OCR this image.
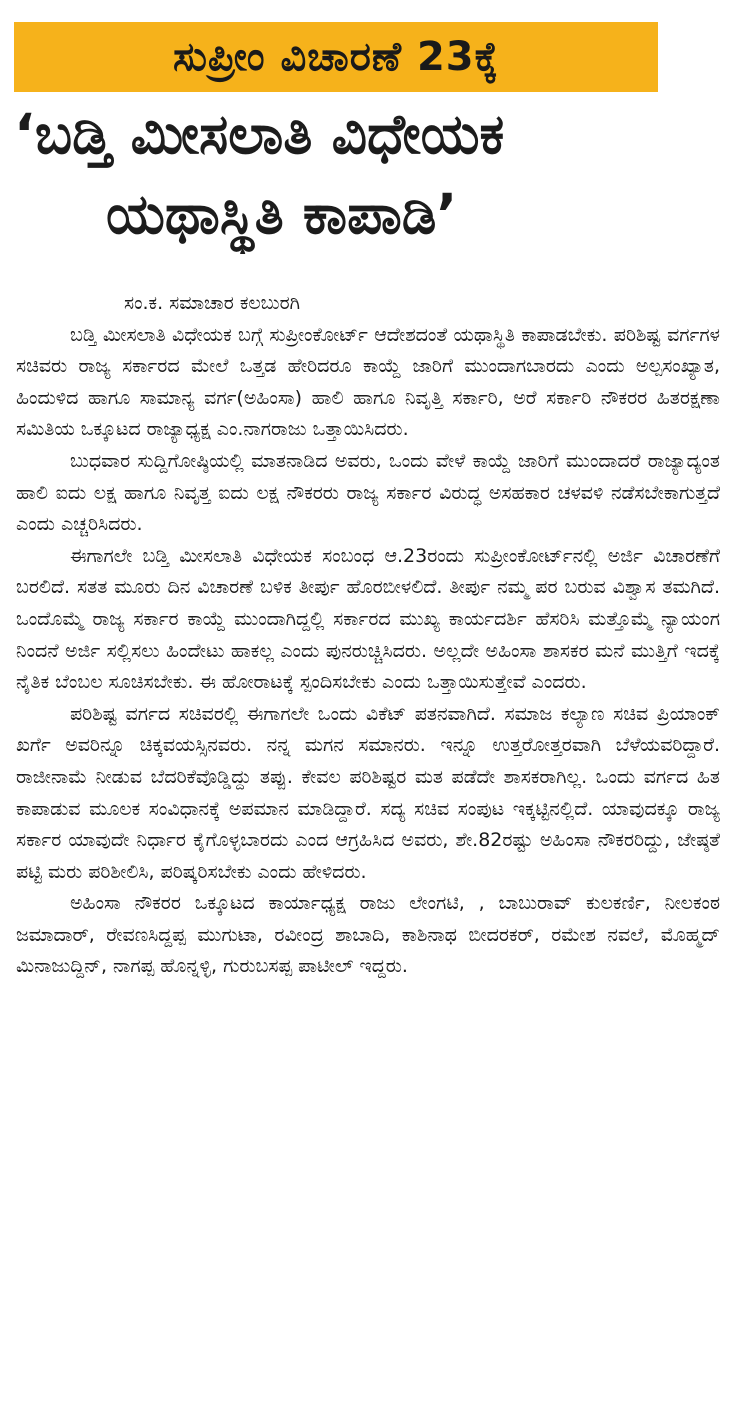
ಸುಪ್ರೀಂ ವಿಚಾರಣೆ 23ಕ್ಕೆ
‘ಬಡ್ತಿ ಮೀಸಲಾತಿ ವಿಧೇಯಕ
ಯಥಾಸ್ಥಿತಿ ಕಾಪಾಡಿ’

ಸಂ.ಕ. ಸಮಾಚಾರ ಕಲಬುರಗಿ

ಬಡ್ತಿ ಮೀಸಲಾತಿ ವಿಧೇಯಕ ಬಗ್ಗೆ ಸುಪ್ರೀಂಕೋರ್ಟ್ ಆದೇಶದಂತೆ ಯಥಾಸ್ಥಿತಿ ಕಾಪಾಡಬೇಕು. ಪರಿಶಿಷ್ಟ ವರ್ಗಗಳ ಸಚಿವರು ರಾಜ್ಯ ಸರ್ಕಾರದ ಮೇಲೆ ಒತ್ತಡ ಹೇರಿದರೂ ಕಾಯ್ದೆ ಜಾರಿಗೆ ಮುಂದಾಗಬಾರದು ಎಂದು ಅಲ್ಪಸಂಖ್ಯಾತ, ಹಿಂದುಳಿದ ಹಾಗೂ ಸಾಮಾನ್ಯ ವರ್ಗ(ಅಹಿಂಸಾ) ಹಾಲಿ ಹಾಗೂ ನಿವೃತ್ತಿ ಸರ್ಕಾರಿ, ಅರೆ ಸರ್ಕಾರಿ ನೌಕರರ ಹಿತರಕ್ಷಣಾ ಸಮಿತಿಯ ಒಕ್ಕೂಟದ ರಾಜ್ಯಾಧ್ಯಕ್ಷ ಎಂ.ನಾಗರಾಜು ಒತ್ತಾಯಿಸಿದರು.

ಬುಧವಾರ ಸುದ್ದಿಗೋಷ್ಠಿಯಲ್ಲಿ ಮಾತನಾಡಿದ ಅವರು, ಒಂದು ವೇಳೆ ಕಾಯ್ದೆ ಜಾರಿಗೆ ಮುಂದಾದರೆ ರಾಜ್ಯಾದ್ಯಂತ ಹಾಲಿ ಐದು ಲಕ್ಷ ಹಾಗೂ ನಿವೃತ್ತ ಐದು ಲಕ್ಷ ನೌಕರರು ರಾಜ್ಯ ಸರ್ಕಾರ ವಿರುದ್ಧ ಅಸಹಕಾರ ಚಳವಳಿ ನಡೆಸಬೇಕಾಗುತ್ತದೆ ಎಂದು ಎಚ್ಚರಿಸಿದರು.

ಈಗಾಗಲೇ ಬಡ್ತಿ ಮೀಸಲಾತಿ ವಿಧೇಯಕ ಸಂಬಂಧ ಆ.23ರಂದು ಸುಪ್ರೀಂಕೋರ್ಟ್‌ನಲ್ಲಿ ಅರ್ಜಿ ವಿಚಾರಣೆಗೆ ಬರಲಿದೆ. ಸತತ ಮೂರು ದಿನ ವಿಚಾರಣೆ ಬಳಿಕ ತೀರ್ಪು ಹೊರಬೀಳಲಿದೆ. ತೀರ್ಪು ನಮ್ಮ ಪರ ಬರುವ ವಿಶ್ವಾಸ ತಮಗಿದೆ. ಒಂದೊಮ್ಮೆ ರಾಜ್ಯ ಸರ್ಕಾರ ಕಾಯ್ದೆ ಮುಂದಾಗಿದ್ದಲ್ಲಿ ಸರ್ಕಾರದ ಮುಖ್ಯ ಕಾರ್ಯದರ್ಶಿ ಹೆಸರಿಸಿ ಮತ್ತೊಮ್ಮೆ ನ್ಯಾಯಂಗ ನಿಂದನೆ ಅರ್ಜಿ ಸಲ್ಲಿಸಲು ಹಿಂದೇಟು ಹಾಕಲ್ಲ ಎಂದು ಪುನರುಚ್ಚಿಸಿದರು. ಅಲ್ಲದೇ ಅಹಿಂಸಾ ಶಾಸಕರ ಮನೆ ಮುತ್ತಿಗೆ ಇದಕ್ಕೆ ನೈತಿಕ ಬೆಂಬಲ ಸೂಚಿಸಬೇಕು. ಈ ಹೋರಾಟಕ್ಕೆ ಸ್ಪಂದಿಸಬೇಕು ಎಂದು ಒತ್ತಾಯಿಸುತ್ತೇವೆ ಎಂದರು.

ಪರಿಶಿಷ್ಟ ವರ್ಗದ ಸಚಿವರಲ್ಲಿ ಈಗಾಗಲೇ ಒಂದು ವಿಕೆಟ್ ಪತನವಾಗಿದೆ. ಸಮಾಜ ಕಲ್ಯಾಣ ಸಚಿವ ಪ್ರಿಯಾಂಕ್ ಖರ್ಗೆ ಅವರಿನ್ನೂ ಚಿಕ್ಕವಯಸ್ಸಿನವರು. ನನ್ನ ಮಗನ ಸಮಾನರು. ಇನ್ನೂ ಉತ್ತರೋತ್ತರವಾಗಿ ಬೆಳೆಯವರಿದ್ದಾರೆ. ರಾಜೀನಾಮೆ ನೀಡುವ ಬೆದರಿಕೆವೊಡ್ಡಿದ್ದು ತಪ್ಪು. ಕೇವಲ ಪರಿಶಿಷ್ಟರ ಮತ ಪಡೆದೇ ಶಾಸಕರಾಗಿಲ್ಲ. ಒಂದು ವರ್ಗದ ಹಿತ ಕಾಪಾಡುವ ಮೂಲಕ ಸಂವಿಧಾನಕ್ಕೆ ಅಪಮಾನ ಮಾಡಿದ್ದಾರೆ. ಸದ್ಯ ಸಚಿವ ಸಂಪುಟ ಇಕ್ಕಟ್ಟಿನಲ್ಲಿದೆ. ಯಾವುದಕ್ಕೂ ರಾಜ್ಯ ಸರ್ಕಾರ ಯಾವುದೇ ನಿರ್ಧಾರ ಕೈಗೊಳ್ಳಬಾರದು ಎಂದ ಆಗ್ರಹಿಸಿದ ಅವರು, ಶೇ.82ರಷ್ಟು ಅಹಿಂಸಾ ನೌಕರರಿದ್ದು, ಜೇಷ್ಠತೆ ಪಟ್ಟಿ ಮರು ಪರಿಶೀಲಿಸಿ, ಪರಿಷ್ಕರಿಸಬೇಕು ಎಂದು ಹೇಳಿದರು.

ಅಹಿಂಸಾ ನೌಕರರ ಒಕ್ಕೂಟದ ಕಾರ್ಯಾಧ್ಯಕ್ಷ ರಾಜು ಲೇಂಗಟಿ, , ಬಾಬುರಾವ್ ಕುಲಕರ್ಣಿ, ನೀಲಕಂಠ ಜಮಾದಾರ್, ರೇವಣಸಿದ್ದಪ್ಪ ಮುಗುಟಾ, ರವೀಂದ್ರ ಶಾಬಾದಿ, ಕಾಶಿನಾಥ ಬೀದರಕರ್, ರಮೇಶ ನವಲೆ, ಮೊಹ್ಮದ್ ಮಿನಾಜುದ್ದಿನ್, ನಾಗಪ್ಪ ಹೊನ್ನಳ್ಳಿ, ಗುರುಬಸಪ್ಪ ಪಾಟೀಲ್ ಇದ್ದರು.
